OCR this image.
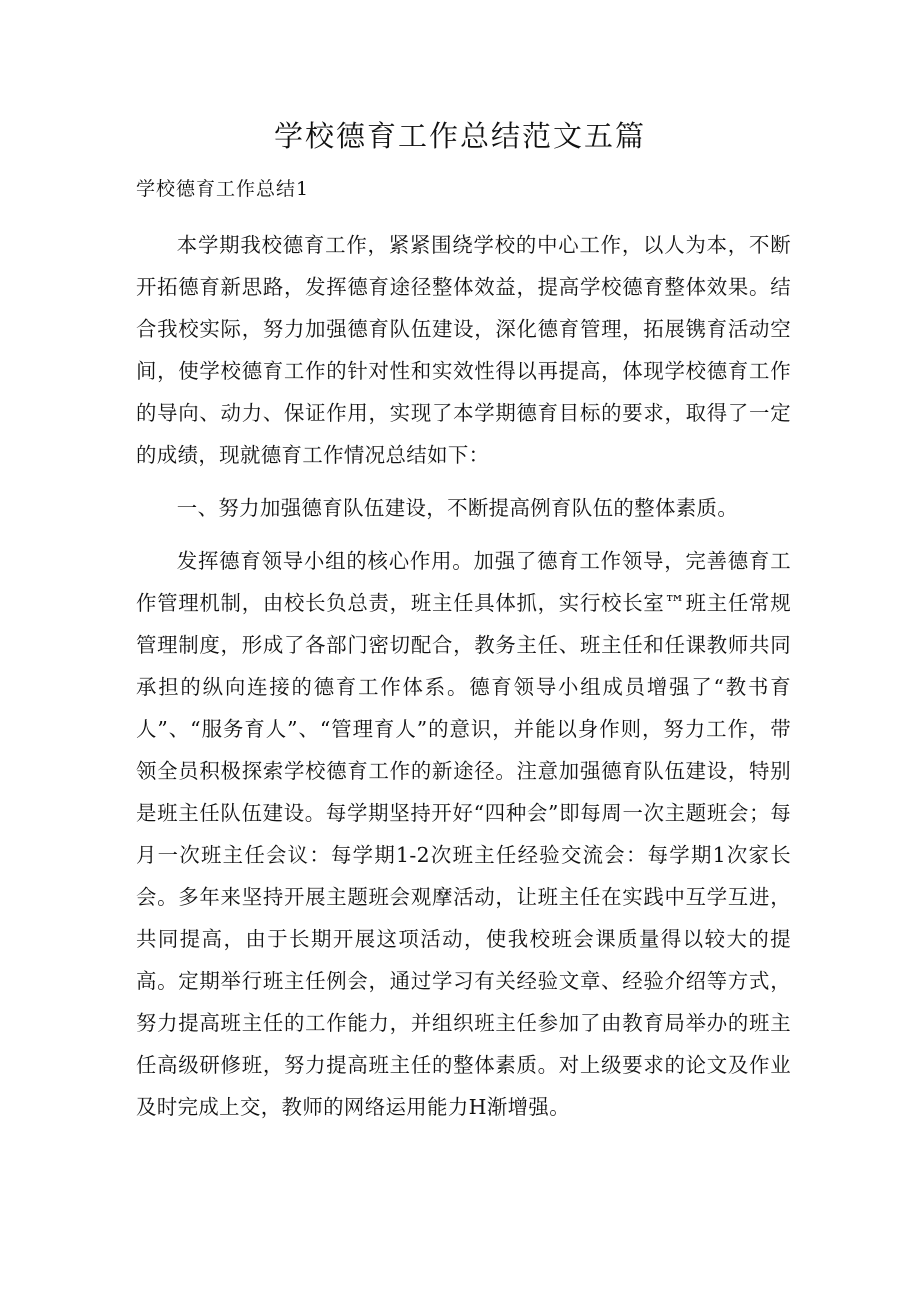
学校德育工作总结范文五篇
学校德育工作总结1

本学期我校德育工作，紧紧围绕学校的中心工作，以人为本，不断开拓德育新思路，发挥德育途径整体效益，提高学校德育整体效果。结合我校实际，努力加强德育队伍建设，深化德育管理，拓展镌育活动空间，使学校德育工作的针对性和实效性得以再提高，体现学校德育工作的导向、动力、保证作用，实现了本学期德育目标的要求，取得了一定的成绩，现就德育工作情况总结如下：

一、努力加强德育队伍建设，不断提高例育队伍的整体素质。

发挥德育领导小组的核心作用。加强了德育工作领导，完善德育工作管理机制，由校长负总责，班主任具体抓，实行校长室™班主任常规管理制度，形成了各部门密切配合，教务主任、班主任和任课教师共同承担的纵向连接的德育工作体系。德育领导小组成员增强了“教书育人”、“服务育人”、“管理育人”的意识，并能以身作则，努力工作，带领全员积极探索学校德育工作的新途径。注意加强德育队伍建设，特别是班主任队伍建设。每学期坚持开好“四种会”即每周一次主题班会；每月一次班主任会议：每学期1-2次班主任经验交流会：每学期1次家长会。多年来坚持开展主题班会观摩活动，让班主任在实践中互学互进，共同提高，由于长期开展这项活动，使我校班会课质量得以较大的提高。定期举行班主任例会，通过学习有关经验文章、经验介绍等方式，努力提高班主任的工作能力，并组织班主任参加了由教育局举办的班主任高级研修班，努力提高班主任的整体素质。对上级要求的论文及作业及时完成上交，教师的网络运用能力H渐增强。
